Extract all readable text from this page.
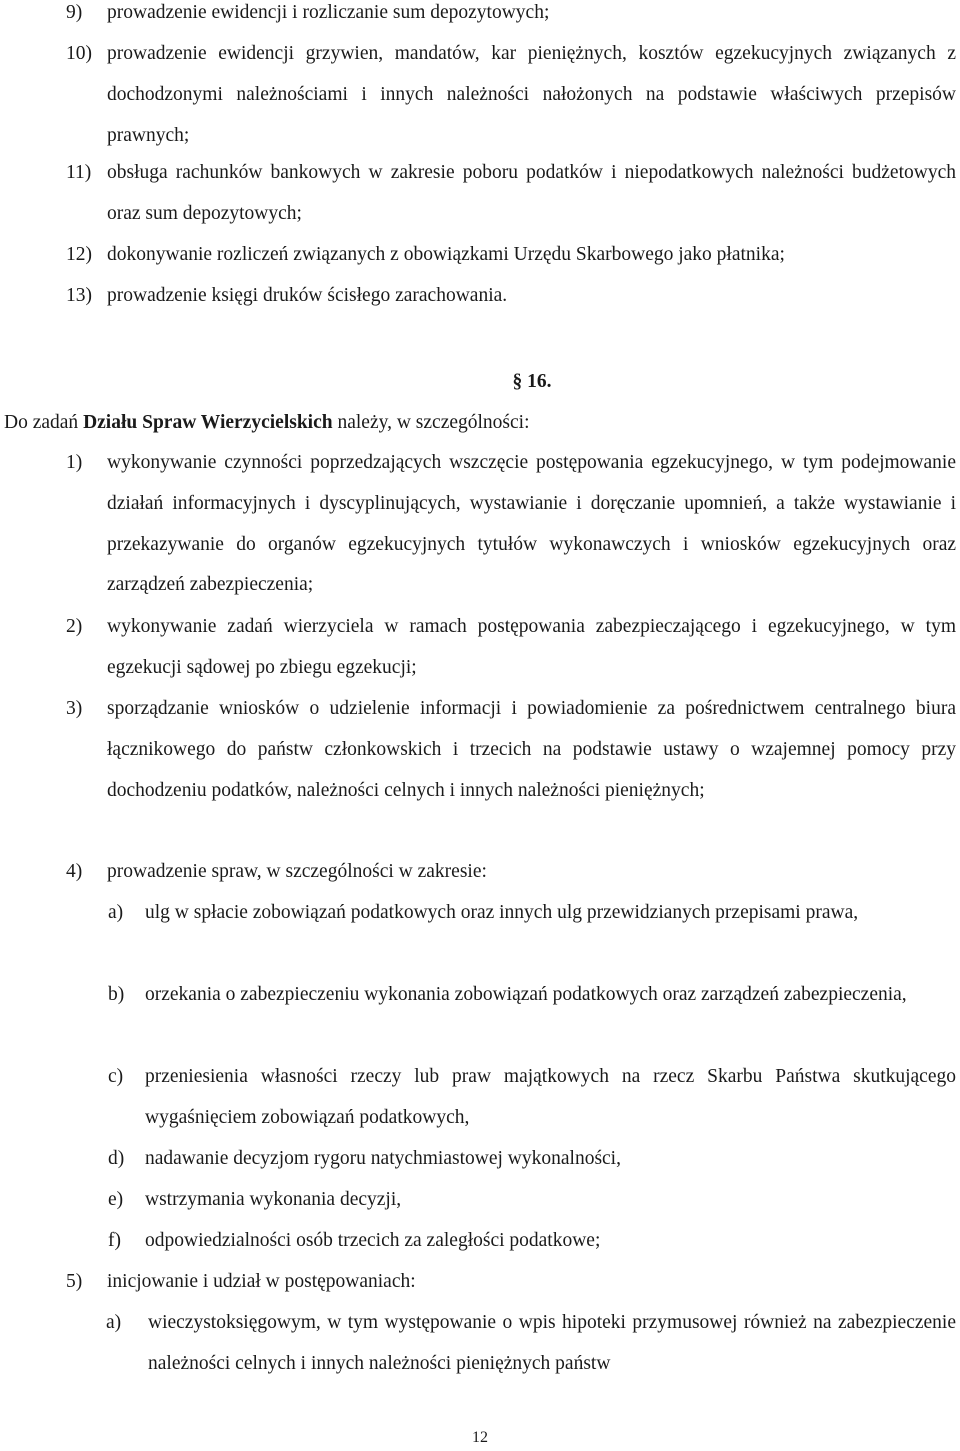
9) prowadzenie ewidencji i rozliczanie sum depozytowych;
10) prowadzenie ewidencji grzywien, mandatów, kar pieniężnych, kosztów egzekucyjnych związanych z dochodzonymi należnościami i innych należności nałożonych na podstawie właściwych przepisów prawnych;
11) obsługa rachunków bankowych w zakresie poboru podatków i niepodatkowych należności budżetowych oraz sum depozytowych;
12) dokonywanie rozliczeń związanych z obowiązkami Urzędu Skarbowego jako płatnika;
13) prowadzenie księgi druków ścisłego zarachowania.
§ 16.
Do zadań Działu Spraw Wierzycielskich należy, w szczególności:
1) wykonywanie czynności poprzedzających wszczęcie postępowania egzekucyjnego, w tym podejmowanie działań informacyjnych i dyscyplinujących, wystawianie i doręczanie upomnień, a także wystawianie i przekazywanie do organów egzekucyjnych tytułów wykonawczych i wniosków egzekucyjnych oraz zarządzeń zabezpieczenia;
2) wykonywanie zadań wierzyciela w ramach postępowania zabezpieczającego i egzekucyjnego, w tym egzekucji sądowej po zbiegu egzekucji;
3) sporządzanie wniosków o udzielenie informacji i powiadomienie za pośrednictwem centralnego biura łącznikowego do państw członkowskich i trzecich na podstawie ustawy o wzajemnej pomocy przy dochodzeniu podatków, należności celnych i innych należności pieniężnych;
4) prowadzenie spraw, w szczególności w zakresie:
a) ulg w spłacie zobowiązań podatkowych oraz innych ulg przewidzianych przepisami prawa,
b) orzekania o zabezpieczeniu wykonania zobowiązań podatkowych oraz zarządzeń zabezpieczenia,
c) przeniesienia własności rzeczy lub praw majątkowych na rzecz Skarbu Państwa skutkującego wygaśnięciem zobowiązań podatkowych,
d) nadawanie decyzjom rygoru natychmiastowej wykonalności,
e) wstrzymania wykonania decyzji,
f) odpowiedzialności osób trzecich za zaległości podatkowe;
5) inicjowanie i udział w postępowaniach:
a) wieczystoksięgowym, w tym występowanie o wpis hipoteki przymusowej również na zabezpieczenie należności celnych i innych należności pieniężnych państw
12
